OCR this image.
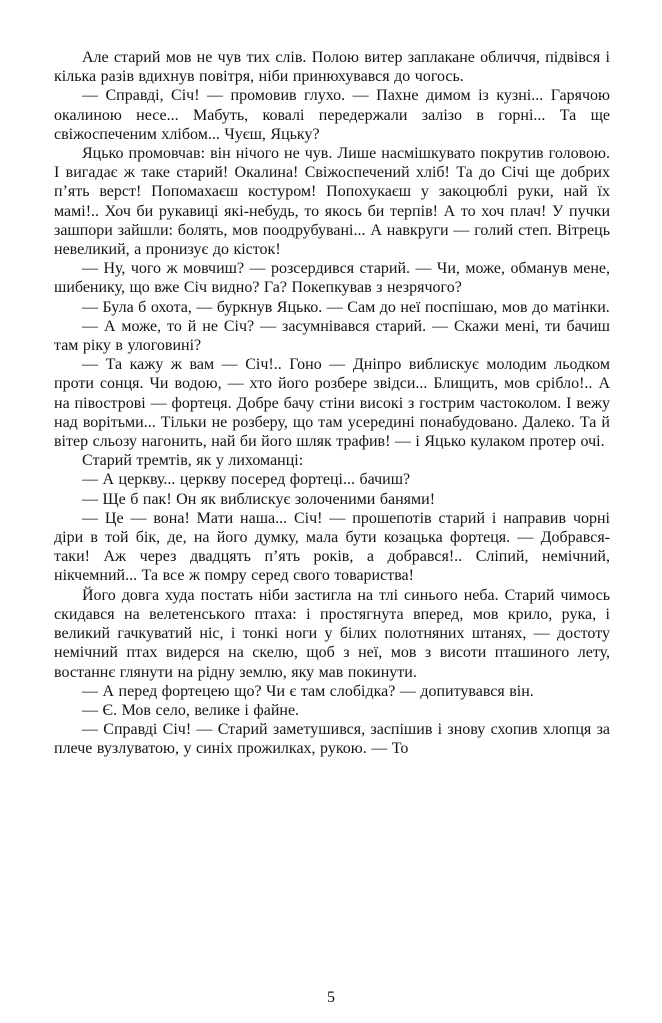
Але старий мов не чув тих слів. Полою витер заплакане обличчя, підвівся і кілька разів вдихнув повітря, ніби принюхувався до чогось.

— Справді, Січ! — промовив глухо. — Пахне димом із кузні... Гарячою окалиною несе... Мабуть, ковалі передержали залізо в горні... Та ще свіжоспеченим хлібом... Чуєш, Яцьку?

Яцько промовчав: він нічого не чув. Лише насмішкувато покрутив головою. І вигадає ж таке старий! Окалина! Свіжоспечений хліб! Та до Січі ще добрих п’ять верст! Попомахаєш костуром! Попохукаєш у закоцюблі руки, най їх мамі!.. Хоч би рукавиці які-небудь, то якось би терпів! А то хоч плач! У пучки зашпори зайшли: болять, мов поодрубувані... А навкруги — голий степ. Вітрець невеликий, а пронизує до кісток!

— Ну, чого ж мовчиш? — розсердився старий. — Чи, може, обманув мене, шибенику, що вже Січ видно? Га? Покепкував з незрячого?

— Була б охота, — буркнув Яцько. — Сам до неї поспішаю, мов до матінки.

— А може, то й не Січ? — засумнівався старий. — Скажи мені, ти бачиш там ріку в улоговині?

— Та кажу ж вам — Січ!.. Гоно — Дніпро виблискує молодим льодком проти сонця. Чи водою, — хто його розбере звідси... Блищить, мов срібло!.. А на півострові — фортеця. Добре бачу стіни високі з гострим частоколом. І вежу над ворітьми... Тільки не розберу, що там усередині понабудовано. Далеко. Та й вітер сльозу нагонить, най би його шляк трафив! — і Яцько кулаком протер очі.

Старий тремтів, як у лихоманці:

— А церкву... церкву посеред фортеці... бачиш?

— Ще б пак! Он як виблискує золоченими банями!

— Це — вона! Мати наша... Січ! — прошепотів старий і направив чорні діри в той бік, де, на його думку, мала бути козацька фортеця. — Добрався-таки! Аж через двадцять п’ять років, а добрався!.. Сліпий, немічний, нікчемний... Та все ж помру серед свого товариства!

Його довга худа постать ніби застигла на тлі синього неба. Старий чимось скидався на велетенського птаха: і простягнута вперед, мов крило, рука, і великий гачкуватий ніс, і тонкі ноги у білих полотняних штанях, — достоту немічний птах видерся на скелю, щоб з неї, мов з висоти пташиного лету, востаннє глянути на рідну землю, яку мав покинути.

— А перед фортецею що? Чи є там слобідка? — допитувався він.

— Є. Мов село, велике і файне.

— Справді Січ! — Старий заметушився, заспішив і знову схопив хлопця за плече вузлуватою, у синіх прожилках, рукою. — То

5
